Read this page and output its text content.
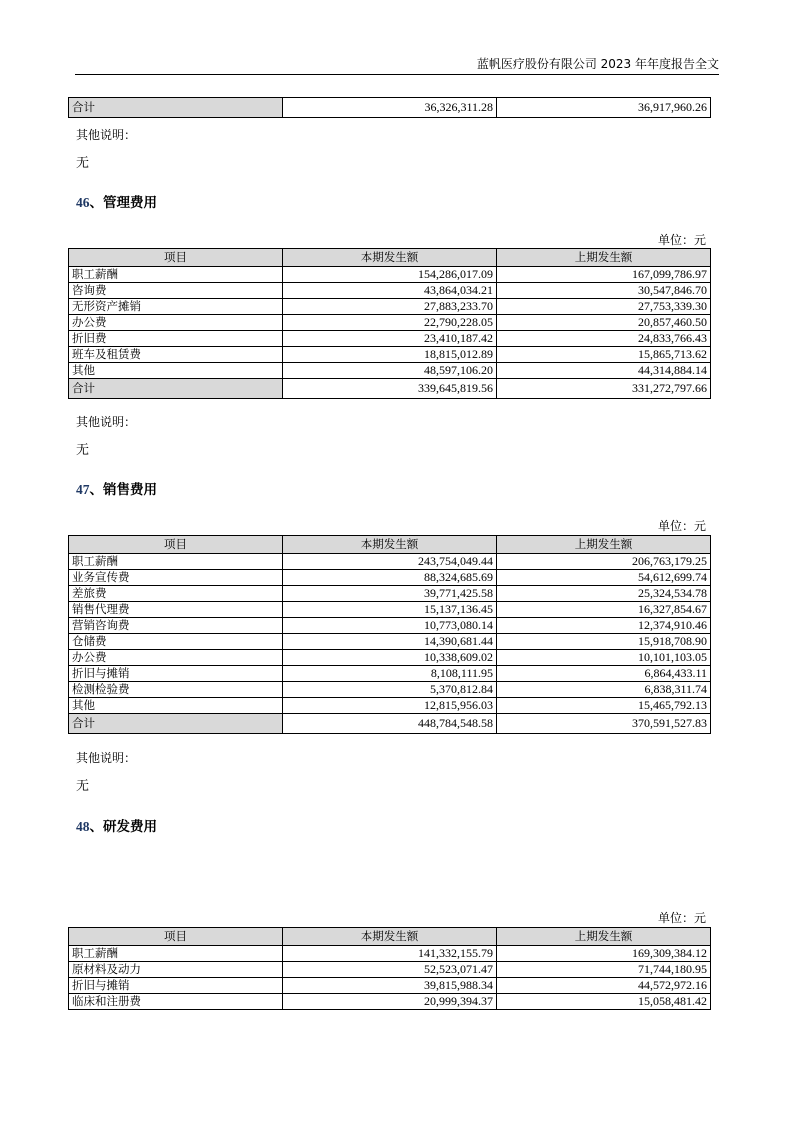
蓝帆医疗股份有限公司 2023 年年度报告全文
合计	36,326,311.28	36,917,960.26
其他说明：
无
46、管理费用
单位：元
项目	本期发生额	上期发生额
职工薪酬	154,286,017.09	167,099,786.97
咨询费	43,864,034.21	30,547,846.70
无形资产摊销	27,883,233.70	27,753,339.30
办公费	22,790,228.05	20,857,460.50
折旧费	23,410,187.42	24,833,766.43
班车及租赁费	18,815,012.89	15,865,713.62
其他	48,597,106.20	44,314,884.14
合计	339,645,819.56	331,272,797.66
其他说明：
无
47、销售费用
单位：元
项目	本期发生额	上期发生额
职工薪酬	243,754,049.44	206,763,179.25
业务宣传费	88,324,685.69	54,612,699.74
差旅费	39,771,425.58	25,324,534.78
销售代理费	15,137,136.45	16,327,854.67
营销咨询费	10,773,080.14	12,374,910.46
仓储费	14,390,681.44	15,918,708.90
办公费	10,338,609.02	10,101,103.05
折旧与摊销	8,108,111.95	6,864,433.11
检测检验费	5,370,812.84	6,838,311.74
其他	12,815,956.03	15,465,792.13
合计	448,784,548.58	370,591,527.83
其他说明：
无
48、研发费用
单位：元
项目	本期发生额	上期发生额
职工薪酬	141,332,155.79	169,309,384.12
原材料及动力	52,523,071.47	71,744,180.95
折旧与摊销	39,815,988.34	44,572,972.16
临床和注册费	20,999,394.37	15,058,481.42
